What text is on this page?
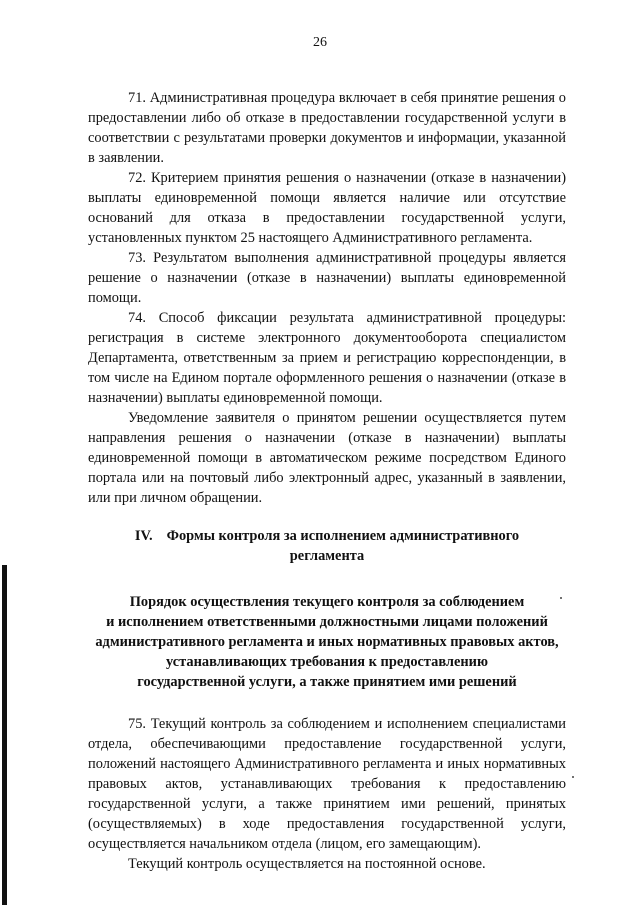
26

71. Административная процедура включает в себя принятие решения о предоставлении либо об отказе в предоставлении государственной услуги в соответствии с результатами проверки документов и информации, указанной в заявлении.

72. Критерием принятия решения о назначении (отказе в назначении) выплаты единовременной помощи является наличие или отсутствие оснований для отказа в предоставлении государственной услуги, установленных пунктом 25 настоящего Административного регламента.

73. Результатом выполнения административной процедуры является решение о назначении (отказе в назначении) выплаты единовременной помощи.

74. Способ фиксации результата административной процедуры: регистрация в системе электронного документооборота специалистом Департамента, ответственным за прием и регистрацию корреспонденции, в том числе на Едином портале оформленного решения о назначении (отказе в назначении) выплаты единовременной помощи.

Уведомление заявителя о принятом решении осуществляется путем направления решения о назначении (отказе в назначении) выплаты единовременной помощи в автоматическом режиме посредством Единого портала или на почтовый либо электронный адрес, указанный в заявлении, или при личном обращении.

IV. Формы контроля за исполнением административного
регламента
Порядок осуществления текущего контроля за соблюдением
и исполнением ответственными должностными лицами положений
административного регламента и иных нормативных правовых актов,
устанавливающих требования к предоставлению
государственной услуги, а также принятием ими решений

75. Текущий контроль за соблюдением и исполнением специалистами отдела, обеспечивающими предоставление государственной услуги, положений настоящего Административного регламента и иных нормативных правовых актов, устанавливающих требования к предоставлению государственной услуги, а также принятием ими решений, принятых (осуществляемых) в ходе предоставления государственной услуги, осуществляется начальником отдела (лицом, его замещающим).

Текущий контроль осуществляется на постоянной основе.
